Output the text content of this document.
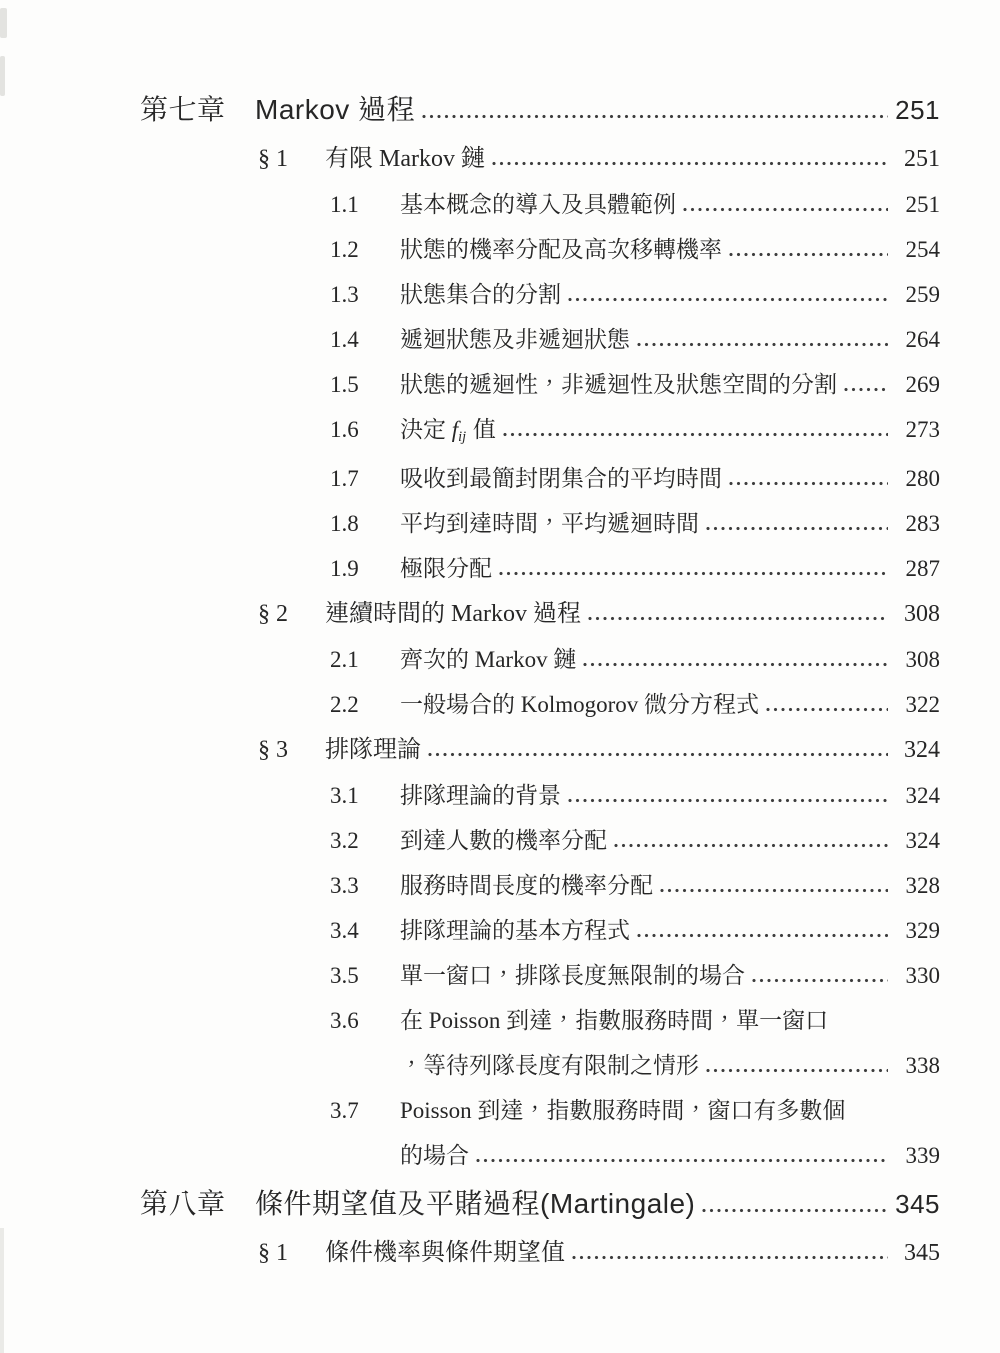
第七章	Markov 過程	251
§ 1	有限 Markov 鏈	251
1.1	基本概念的導入及具體範例	251
1.2	狀態的機率分配及高次移轉機率	254
1.3	狀態集合的分割	259
1.4	遞迴狀態及非遞迴狀態	264
1.5	狀態的遞迴性，非遞迴性及狀態空間的分割	269
1.6	決定 fij 值	273
1.7	吸收到最簡封閉集合的平均時間	280
1.8	平均到達時間，平均遞迴時間	283
1.9	極限分配	287
§ 2	連續時間的 Markov 過程	308
2.1	齊次的 Markov 鏈	308
2.2	一般場合的 Kolmogorov 微分方程式	322
§ 3	排隊理論	324
3.1	排隊理論的背景	324
3.2	到達人數的機率分配	324
3.3	服務時間長度的機率分配	328
3.4	排隊理論的基本方程式	329
3.5	單一窗口，排隊長度無限制的場合	330
3.6	在 Poisson 到達，指數服務時間，單一窗口
，等待列隊長度有限制之情形	338
3.7	Poisson 到達，指數服務時間，窗口有多數個
的場合	339
第八章	條件期望值及平賭過程(Martingale)	345
§ 1	條件機率與條件期望值	345
